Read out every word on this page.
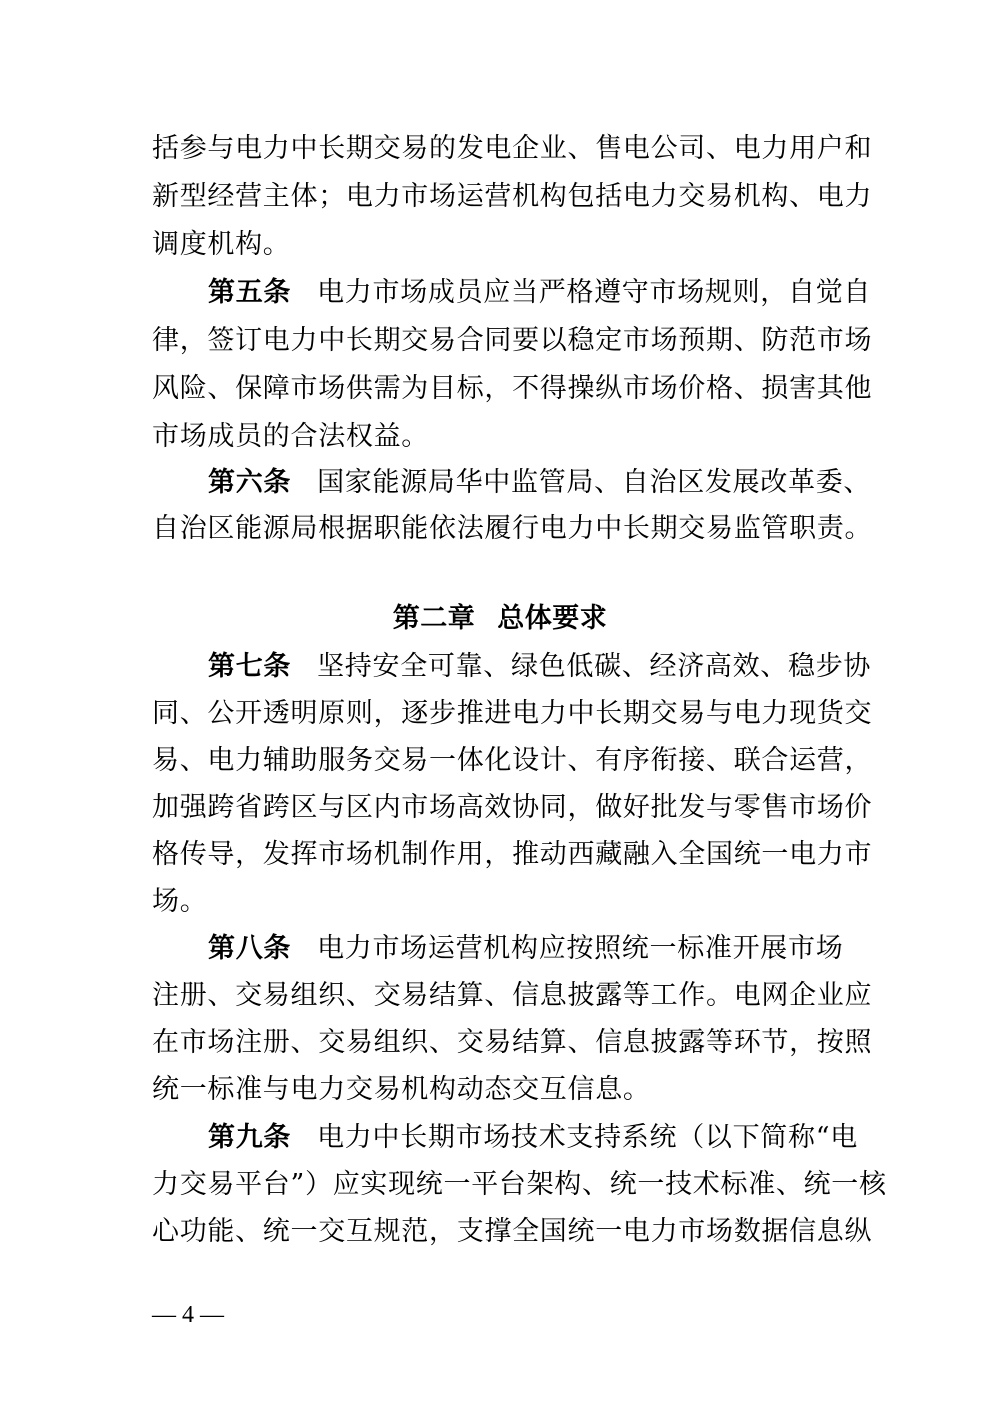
括参与电力中长期交易的发电企业、售电公司、电力用户和
新型经营主体；电力市场运营机构包括电力交易机构、电力
调度机构。
第五条 电力市场成员应当严格遵守市场规则，自觉自
律，签订电力中长期交易合同要以稳定市场预期、防范市场
风险、保障市场供需为目标，不得操纵市场价格、损害其他
市场成员的合法权益。
第六条 国家能源局华中监管局、自治区发展改革委、
自治区能源局根据职能依法履行电力中长期交易监管职责。
第二章 总体要求
第七条 坚持安全可靠、绿色低碳、经济高效、稳步协
同、公开透明原则，逐步推进电力中长期交易与电力现货交
易、电力辅助服务交易一体化设计、有序衔接、联合运营，
加强跨省跨区与区内市场高效协同，做好批发与零售市场价
格传导，发挥市场机制作用，推动西藏融入全国统一电力市
场。
第八条 电力市场运营机构应按照统一标准开展市场
注册、交易组织、交易结算、信息披露等工作。电网企业应
在市场注册、交易组织、交易结算、信息披露等环节，按照
统一标准与电力交易机构动态交互信息。
第九条 电力中长期市场技术支持系统（以下简称“电
力交易平台”）应实现统一平台架构、统一技术标准、统一核
心功能、统一交互规范，支撑全国统一电力市场数据信息纵
— 4 —
